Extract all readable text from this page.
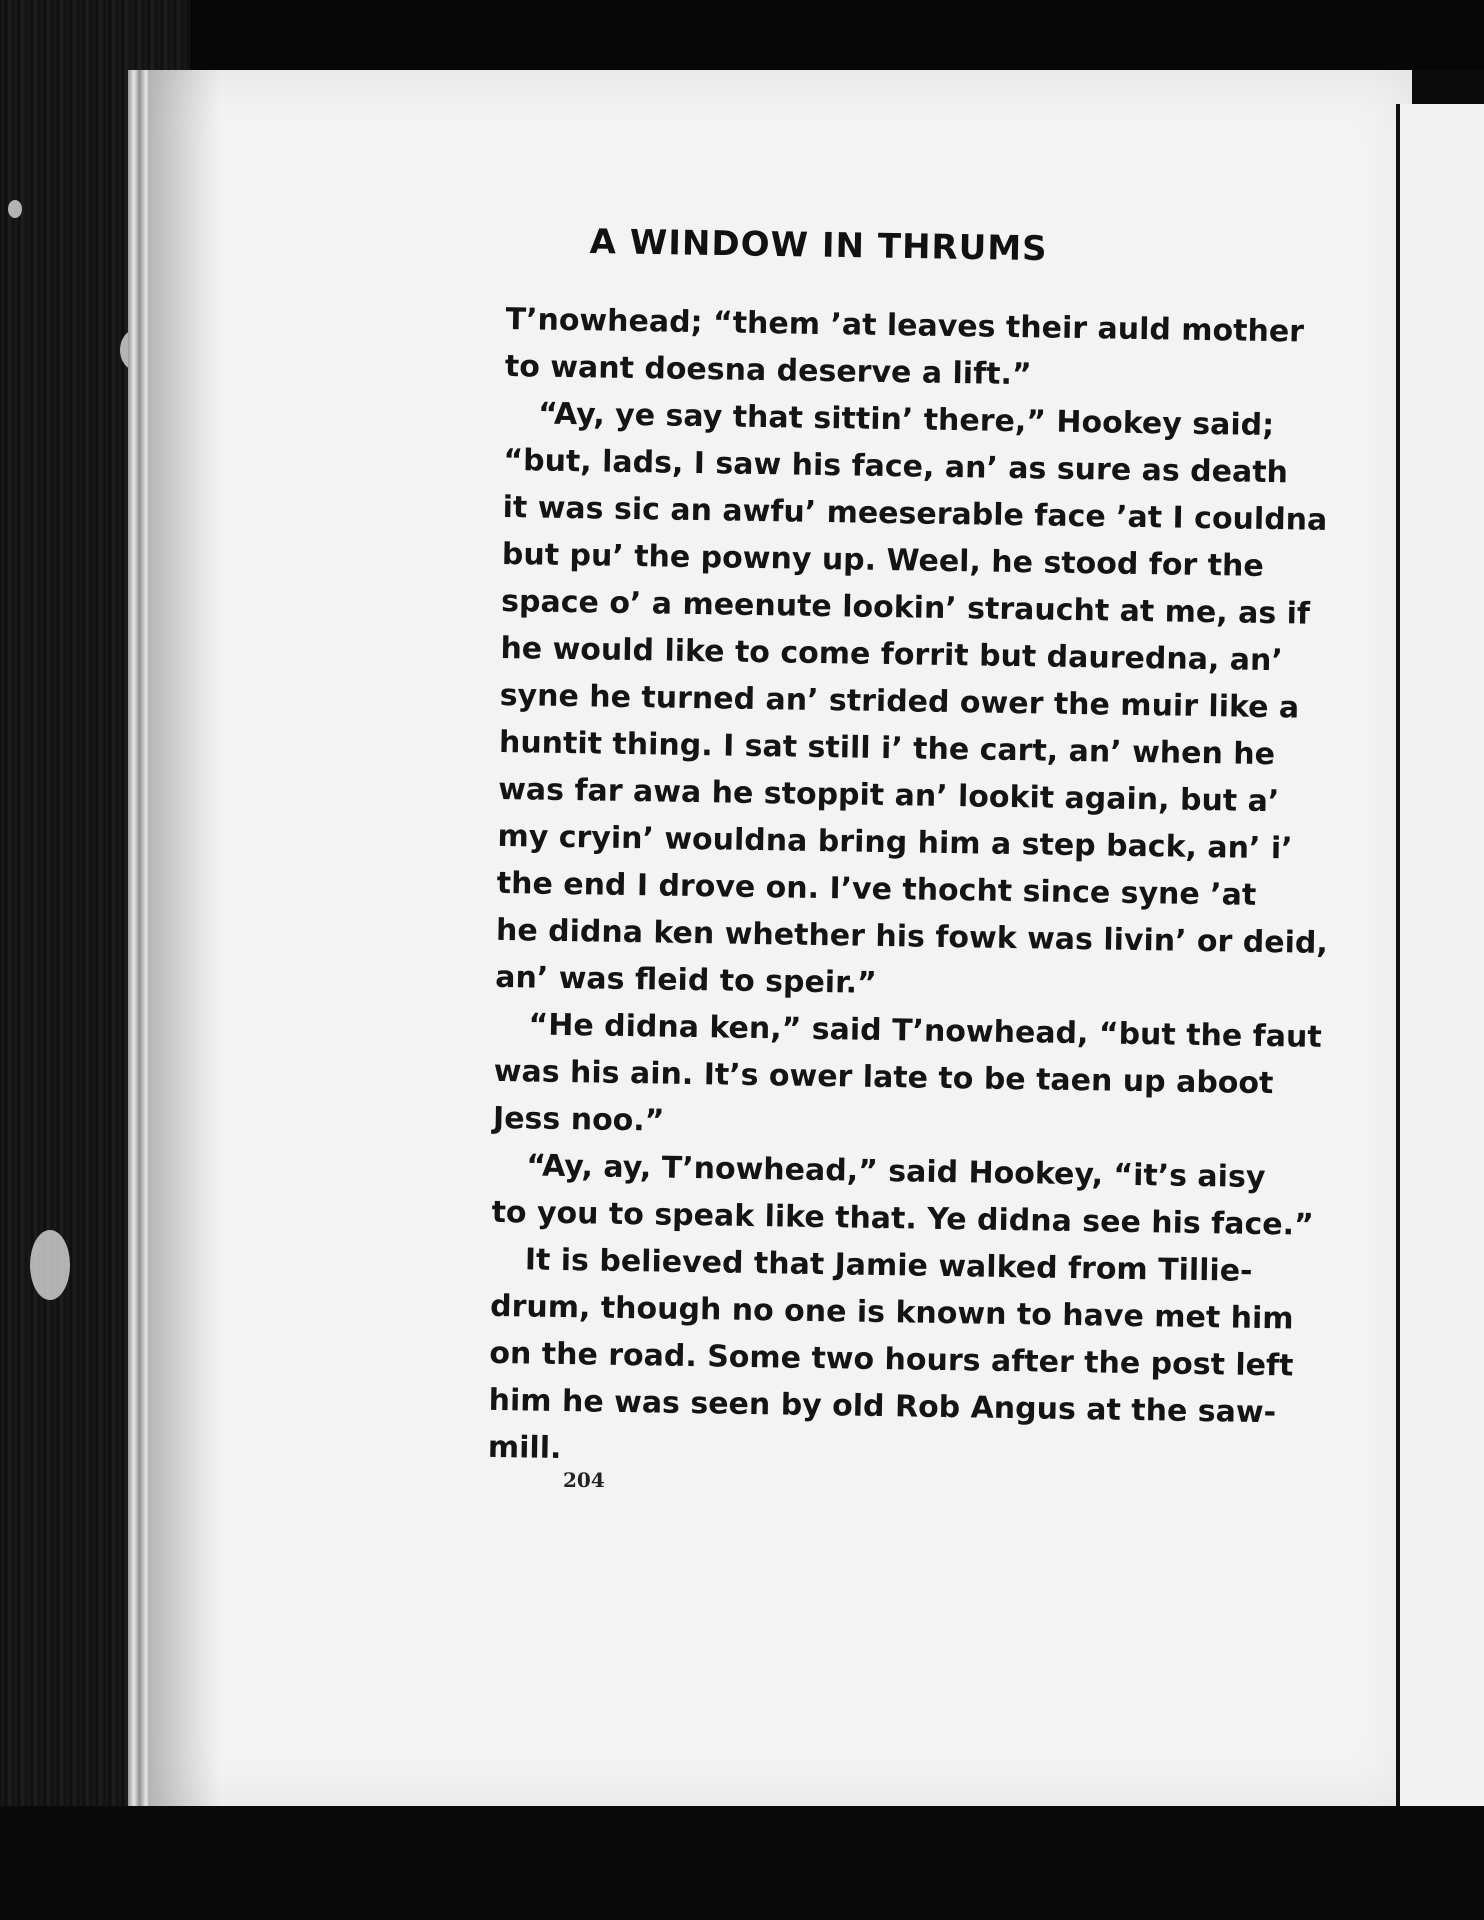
A WINDOW IN THRUMS
T’nowhead; “them ’at leaves their auld mother
to want doesna deserve a lift.”
“Ay, ye say that sittin’ there,” Hookey said;
“but, lads, I saw his face, an’ as sure as death
it was sic an awfu’ meeserable face ’at I couldna
but pu’ the powny up. Weel, he stood for the
space o’ a meenute lookin’ straucht at me, as if
he would like to come forrit but dauredna, an’
syne he turned an’ strided ower the muir like a
huntit thing. I sat still i’ the cart, an’ when he
was far awa he stoppit an’ lookit again, but a’
my cryin’ wouldna bring him a step back, an’ i’
the end I drove on. I’ve thocht since syne ’at
he didna ken whether his fowk was livin’ or deid,
an’ was fleid to speir.”
“He didna ken,” said T’nowhead, “but the faut
was his ain. It’s ower late to be taen up aboot
Jess noo.”
“Ay, ay, T’nowhead,” said Hookey, “it’s aisy
to you to speak like that. Ye didna see his face.”
It is believed that Jamie walked from Tillie-
drum, though no one is known to have met him
on the road. Some two hours after the post left
him he was seen by old Rob Angus at the saw-
mill.
204
